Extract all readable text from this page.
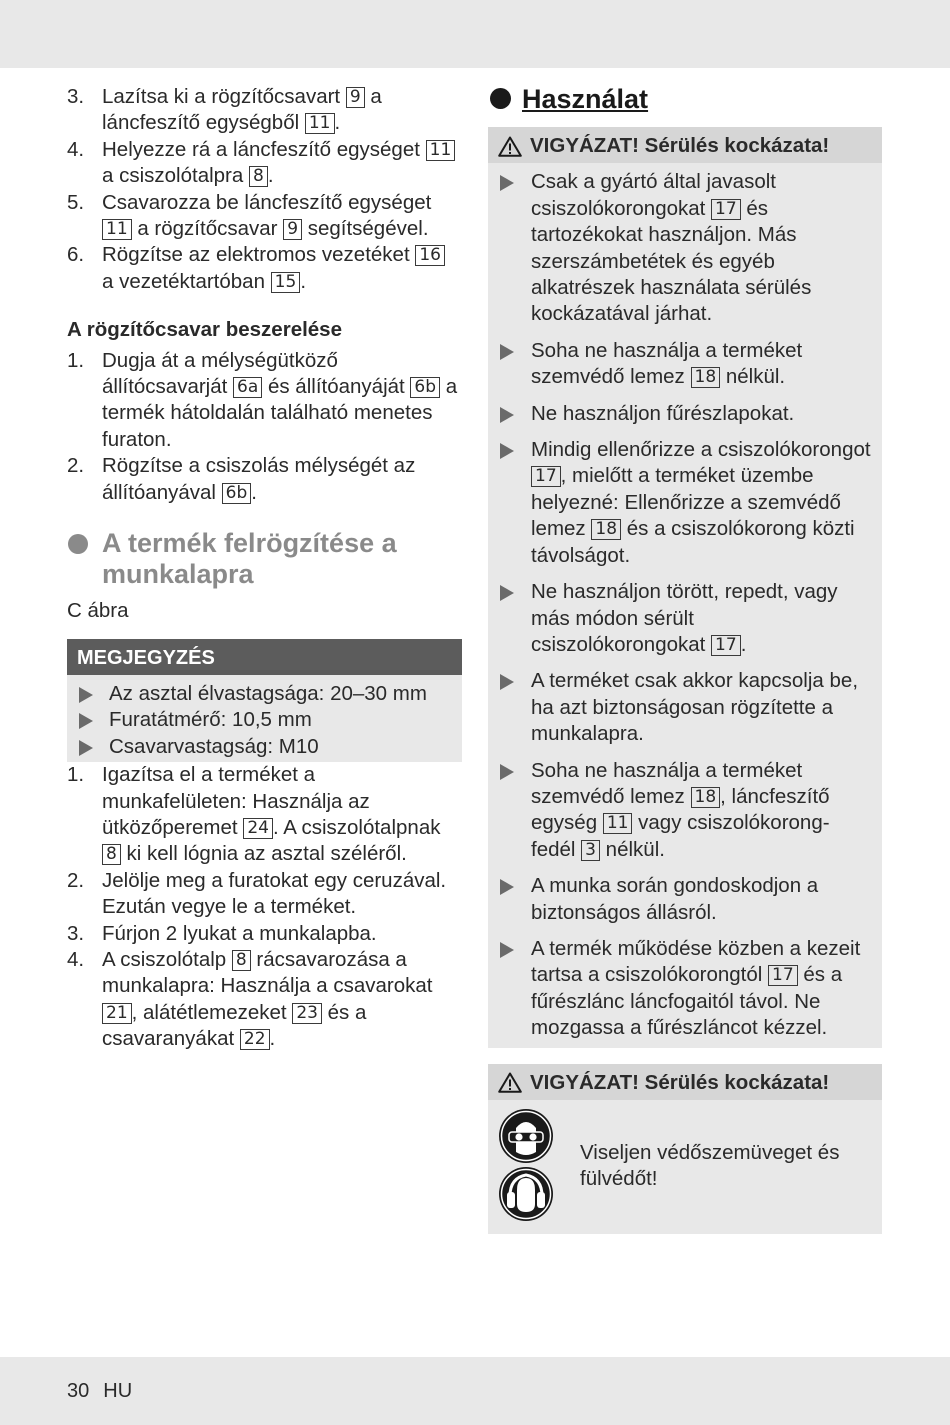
3. Lazítsa ki a rögzítőcsavart 9 a láncfeszítő egységből 11 .
4. Helyezze rá a láncfeszítő egységet 11 a csiszolótalpra 8 .
5. Csavarozza be láncfeszítő egységet 11 a rögzítőcsavar 9 segítségével.
6. Rögzítse az elektromos vezetéket 16 a vezetéktartóban 15 .
A rögzítőcsavar beszerelése
1. Dugja át a mélységütköző állítócsavarját 6a és állítóanyáját 6b a termék hátoldalán található menetes furaton.
2. Rögzítse a csiszolás mélységét az állítóanyával 6b .
A termék felrögzítése a munkalapra
C ábra
MEGJEGYZÉS
Az asztal élvastagsága: 20–30 mm
Furatátmérő: 10,5 mm
Csavarvastagság: M10
1. Igazítsa el a terméket a munkafelületen: Használja az ütközőperemet 24 . A csiszolótalpnak 8 ki kell lógnia az asztal széléről.
2. Jelölje meg a furatokat egy ceruzával. Ezután vegye le a terméket.
3. Fúrjon 2 lyukat a munkalapba.
4. A csiszolótalp 8 rácsavarozása a munkalapra: Használja a csavarokat 21 , alátétlemezeket 23 és a csavaranyákat 22 .
Használat
VIGYÁZAT! Sérülés kockázata!
Csak a gyártó által javasolt csiszolókorongokat 17 és tartozékokat használjon. Más szerszámbetétek és egyéb alkatrészek használata sérülés kockázatával járhat.
Soha ne használja a terméket szemvédő lemez 18 nélkül.
Ne használjon fűrészlapokat.
Mindig ellenőrizze a csiszolókorongot 17 , mielőtt a terméket üzembe helyezné: Ellenőrizze a szemvédő lemez 18 és a csiszolókorong közti távolságot.
Ne használjon törött, repedt, vagy más módon sérült csiszolókorongokat 17 .
A terméket csak akkor kapcsolja be, ha azt biztonságosan rögzítette a munkalapra.
Soha ne használja a terméket szemvédő lemez 18 , láncfeszítő egység 11 vagy csiszolókorong-fedél 3 nélkül.
A munka során gondoskodjon a biztonságos állásról.
A termék működése közben a kezeit tartsa a csiszolókorongtól 17 és a fűrészlánc láncfogaitól távol. Ne mozgassa a fűrészláncot kézzel.
VIGYÁZAT! Sérülés kockázata!
Viseljen védőszemüveget és fülvédőt!
30 HU
